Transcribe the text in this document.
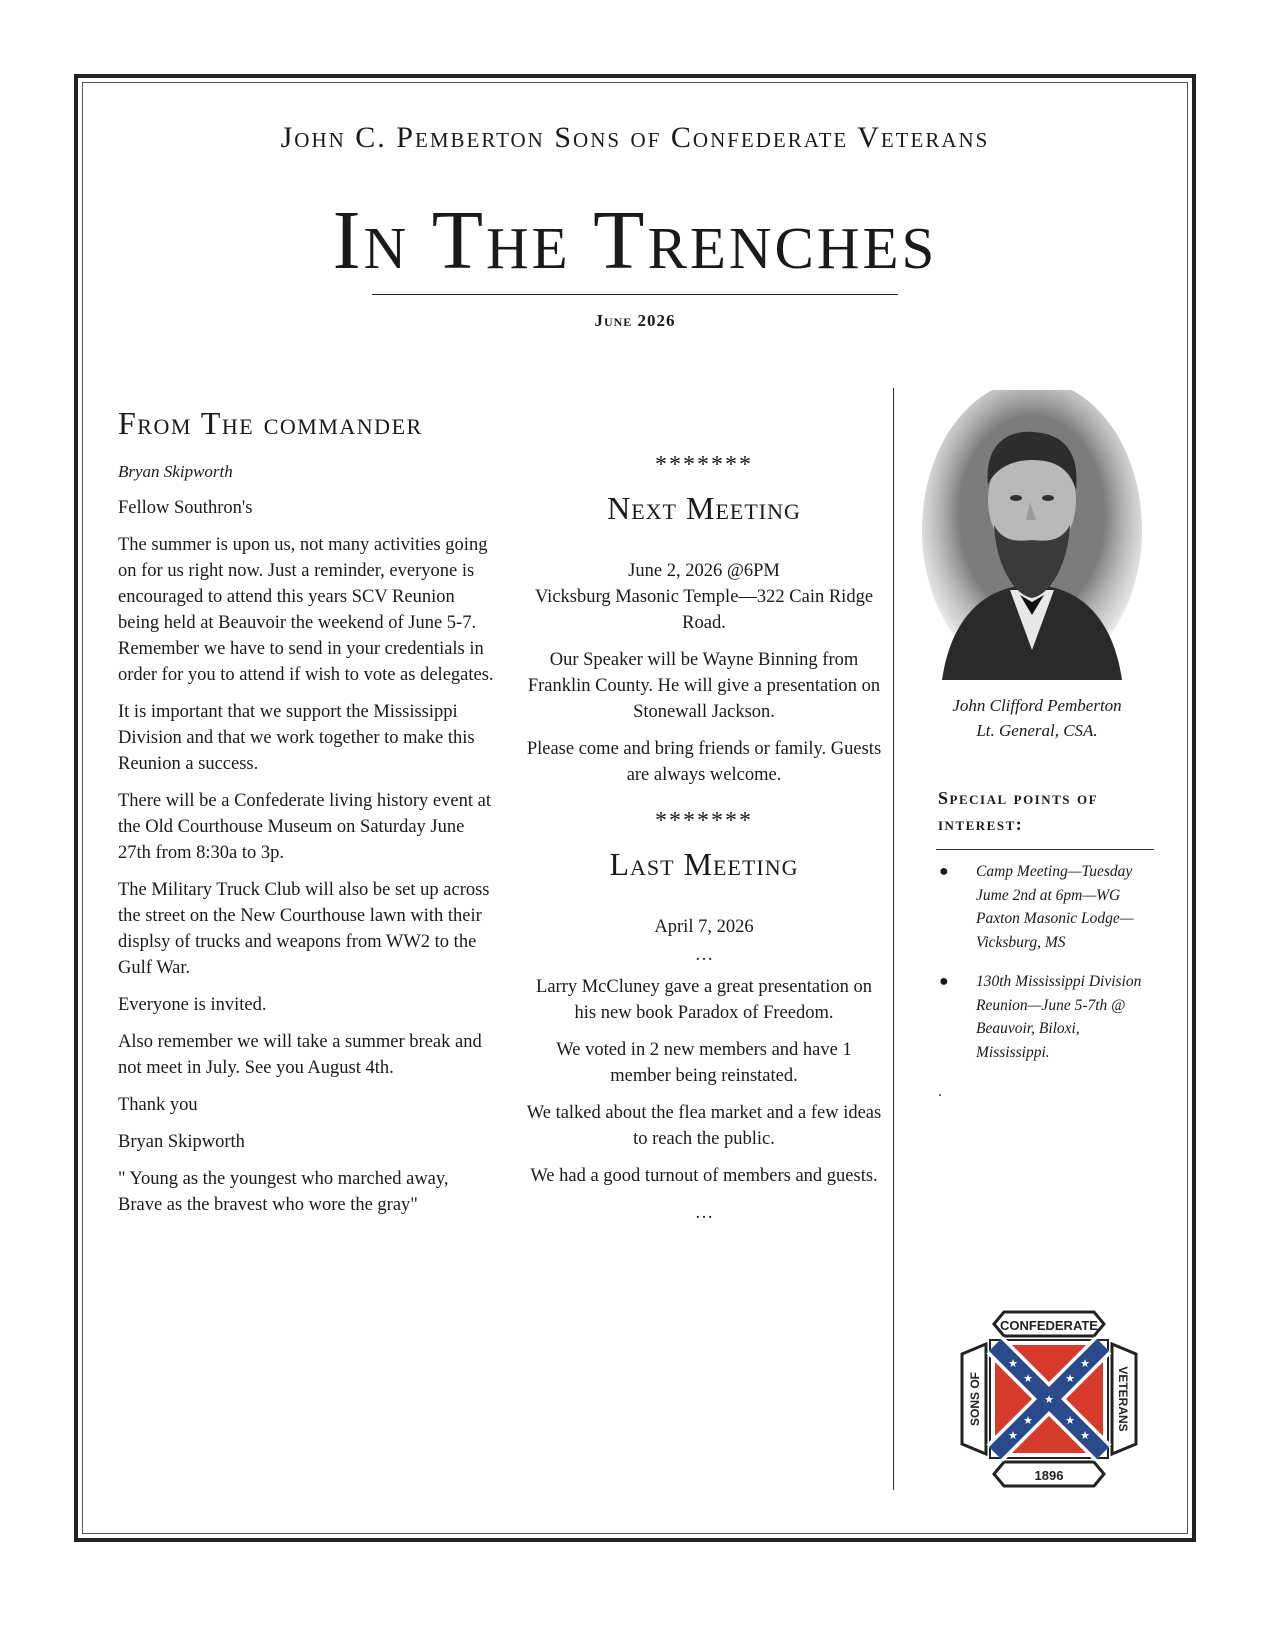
John C. Pemberton Sons of Confederate Veterans
In The Trenches
June 2026
From The commander
Bryan Skipworth

Fellow Southron's

The summer is upon us, not many activities going on for us right now. Just a reminder, everyone is encouraged to attend this years SCV Reunion being held at Beauvoir the weekend of June 5-7. Remember we have to send in your credentials in order for you to attend if wish to vote as delegates.

It is important that we support the Mississippi Division and that we work together to make this Reunion a success.

There will be a Confederate living history event at the Old Courthouse Museum on Saturday June 27th from 8:30a to 3p.

The Military Truck Club will also be set up across the street on the New Courthouse lawn with their displsy of trucks and weapons from WW2 to the Gulf War.

Everyone is invited.

Also remember we will take a summer break and not meet in July. See you August 4th.

Thank you

Bryan Skipworth

" Young as the youngest who marched away, Brave as the bravest who wore the gray"

*******
Next Meeting

June 2, 2026 @6PM
Vicksburg Masonic Temple—322 Cain Ridge Road.

Our Speaker will be Wayne Binning from Franklin County. He will give a presentation on Stonewall Jackson.

Please come and bring friends or family. Guests are always welcome.

*******
Last Meeting

April 7, 2026

…

Larry McCluney gave a great presentation on his new book Paradox of Freedom.

We voted in 2 new members and have 1 member being reinstated.

We talked about the flea market and a few ideas to reach the public.

We had a good turnout of members and guests.

…

John Clifford Pemberton
Lt. General, CSA.
Special points of interest:
● Camp Meeting—Tuesday Jume 2nd at 6pm—WG Paxton Masonic Lodge— Vicksburg, MS
● 130th Mississippi Division Reunion—June 5-7th @ Beauvoir, Biloxi, Mississippi.
.
CONFEDERATE
1896
SONS OF	VETERANS
★
★
★
★
★
★
★
★
★
